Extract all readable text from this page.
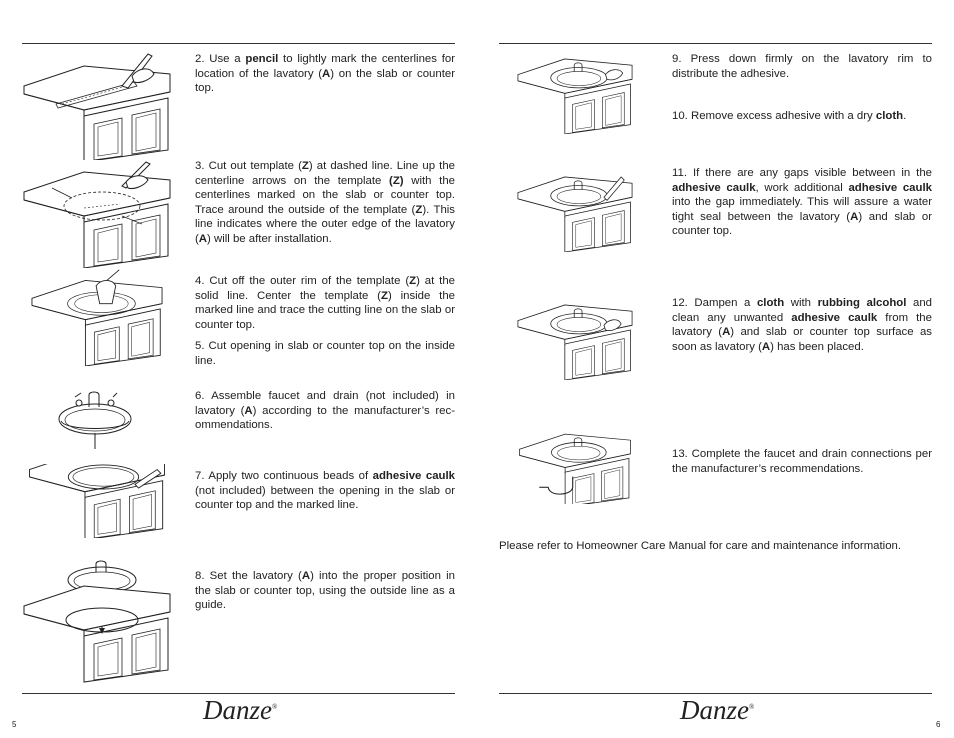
2. Use a pencil to lightly mark the centerlines for location of the lavatory (A) on the slab or counter top.

3. Cut out template (Z) at dashed line. Line up the centerline arrows on the template (Z) with the centerlines marked on the slab or counter top. Trace around the outside of the template (Z). This line indicates where the outer edge of the lavatory (A) will be after installation.

4. Cut off the outer rim of the template (Z) at the solid line. Center the template (Z) inside the marked line and trace the cutting line on the slab or counter top.

5. Cut opening in slab or counter top on the inside line.

6. Assemble faucet and drain (not included) in lavatory (A) according to the manufacturer’s rec-ommendations.

7. Apply two continuous beads of adhesive caulk (not included) between the opening in the slab or counter top and the marked line.

8. Set the lavatory (A) into the proper position in the slab or counter top, using the outside line as a guide.

9. Press down firmly on the lavatory rim to distribute the adhesive.

10. Remove excess adhesive with a dry cloth.

11. If there are any gaps visible between in the adhesive caulk, work additional adhesive caulk into the gap immediately. This will assure a water tight seal between the lavatory (A) and slab or counter top.

12. Dampen a cloth with rubbing alcohol and clean any unwanted adhesive caulk from the lavatory (A) and slab or counter top surface as soon as lavatory (A) has been placed.

13. Complete the faucet and drain connections per the manufacturer’s recommendations.

Please refer to Homeowner Care Manual for care and maintenance information.
Danze®	Danze®
5	6
